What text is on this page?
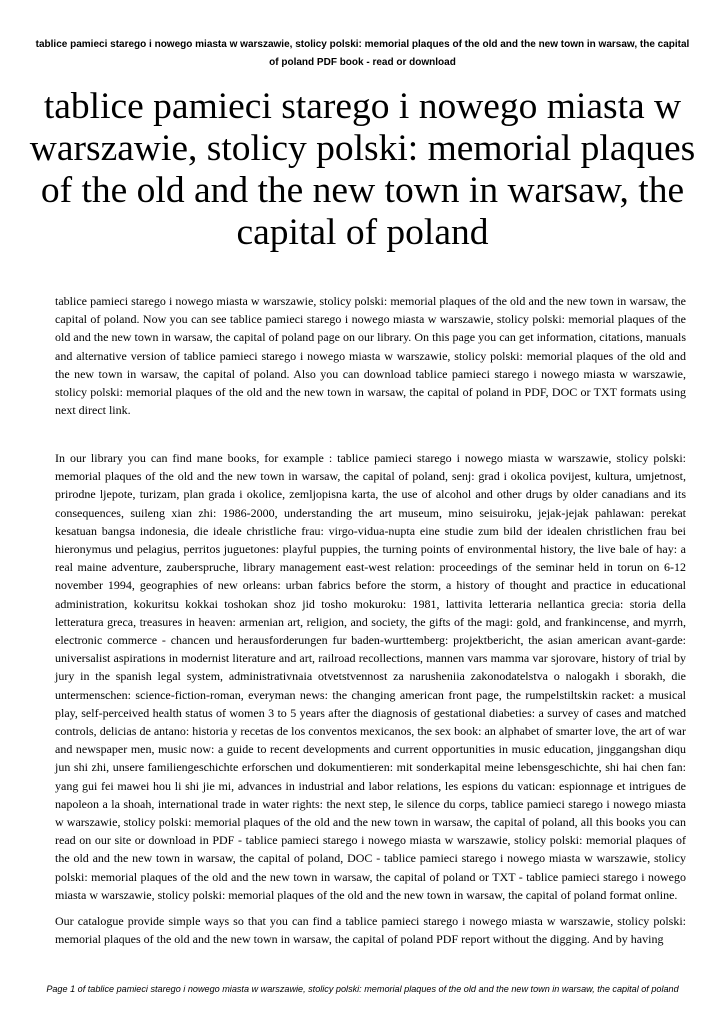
tablice pamieci starego i nowego miasta w warszawie, stolicy polski: memorial plaques of the old and the new town in warsaw, the capital of poland PDF book - read or download
tablice pamieci starego i nowego miasta w warszawie, stolicy polski: memorial plaques of the old and the new town in warsaw, the capital of poland

tablice pamieci starego i nowego miasta w warszawie, stolicy polski: memorial plaques of the old and the new town in warsaw, the capital of poland. Now you can see tablice pamieci starego i nowego miasta w warszawie, stolicy polski: memorial plaques of the old and the new town in warsaw, the capital of poland page on our library. On this page you can get information, citations, manuals and alternative version of tablice pamieci starego i nowego miasta w warszawie, stolicy polski: memorial plaques of the old and the new town in warsaw, the capital of poland. Also you can download tablice pamieci starego i nowego miasta w warszawie, stolicy polski: memorial plaques of the old and the new town in warsaw, the capital of poland in PDF, DOC or TXT formats using next direct link.

In our library you can find mane books, for example : tablice pamieci starego i nowego miasta w warszawie, stolicy polski: memorial plaques of the old and the new town in warsaw, the capital of poland, senj: grad i okolica povijest, kultura, umjetnost, prirodne ljepote, turizam, plan grada i okolice, zemljopisna karta, the use of alcohol and other drugs by older canadians and its consequences, suileng xian zhi: 1986-2000, understanding the art museum, mino seisuiroku, jejak-jejak pahlawan: perekat kesatuan bangsa indonesia, die ideale christliche frau: virgo-vidua-nupta eine studie zum bild der idealen christlichen frau bei hieronymus und pelagius, perritos juguetones: playful puppies, the turning points of environmental history, the live bale of hay: a real maine adventure, zauberspruche, library management east-west relation: proceedings of the seminar held in torun on 6-12 november 1994, geographies of new orleans: urban fabrics before the storm, a history of thought and practice in educational administration, kokuritsu kokkai toshokan shoz jid tosho mokuroku: 1981, lattivita letteraria nellantica grecia: storia della letteratura greca, treasures in heaven: armenian art, religion, and society, the gifts of the magi: gold, and frankincense, and myrrh, electronic commerce - chancen und herausforderungen fur baden-wurttemberg: projektbericht, the asian american avant-garde: universalist aspirations in modernist literature and art, railroad recollections, mannen vars mamma var sjorovare, history of trial by jury in the spanish legal system, administrativnaia otvetstvennost za narusheniia zakonodatelstva o nalogakh i sborakh, die untermenschen: science-fiction-roman, everyman news: the changing american front page, the rumpelstiltskin racket: a musical play, self-perceived health status of women 3 to 5 years after the diagnosis of gestational diabeties: a survey of cases and matched controls, delicias de antano: historia y recetas de los conventos mexicanos, the sex book: an alphabet of smarter love, the art of war and newspaper men, music now: a guide to recent developments and current opportunities in music education, jinggangshan diqu jun shi zhi, unsere familiengeschichte erforschen und dokumentieren: mit sonderkapital meine lebensgeschichte, shi hai chen fan: yang gui fei mawei hou li shi jie mi, advances in industrial and labor relations, les espions du vatican: espionnage et intrigues de napoleon a la shoah, international trade in water rights: the next step, le silence du corps, tablice pamieci starego i nowego miasta w warszawie, stolicy polski: memorial plaques of the old and the new town in warsaw, the capital of poland, all this books you can read on our site or download in PDF - tablice pamieci starego i nowego miasta w warszawie, stolicy polski: memorial plaques of the old and the new town in warsaw, the capital of poland, DOC - tablice pamieci starego i nowego miasta w warszawie, stolicy polski: memorial plaques of the old and the new town in warsaw, the capital of poland or TXT - tablice pamieci starego i nowego miasta w warszawie, stolicy polski: memorial plaques of the old and the new town in warsaw, the capital of poland format online.

Our catalogue provide simple ways so that you can find a tablice pamieci starego i nowego miasta w warszawie, stolicy polski: memorial plaques of the old and the new town in warsaw, the capital of poland PDF report without the digging. And by having

Page 1 of tablice pamieci starego i nowego miasta w warszawie, stolicy polski: memorial plaques of the old and the new town in warsaw, the capital of poland
